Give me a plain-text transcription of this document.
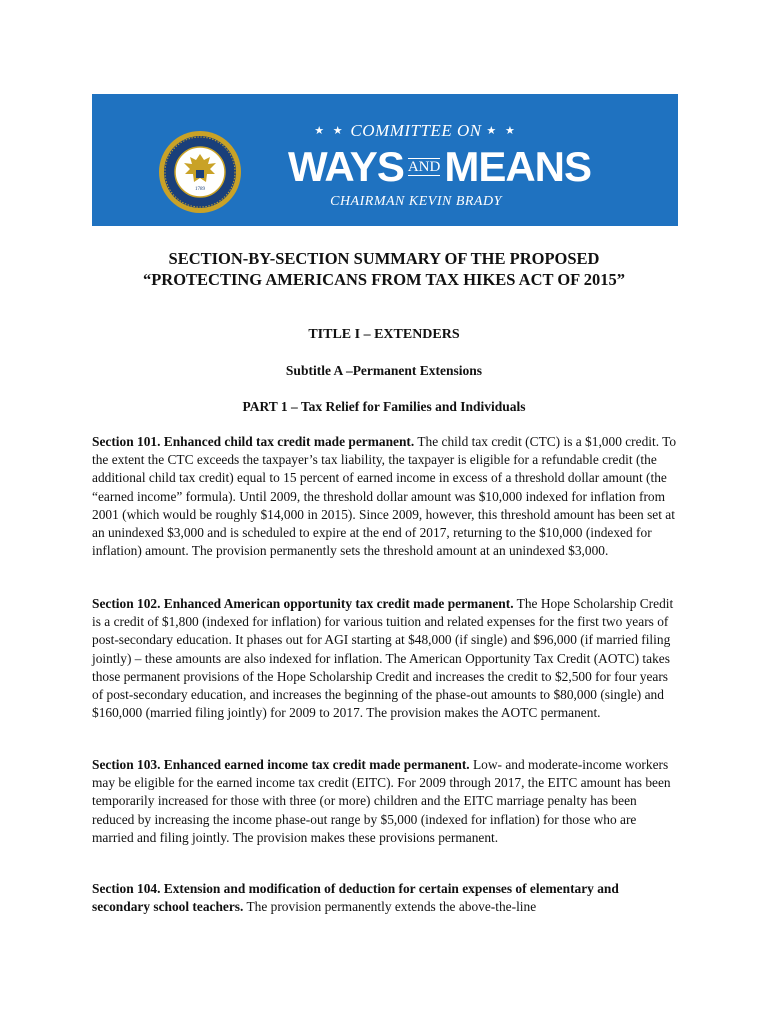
1789
★ ★ COMMITTEE ON ★ ★
WAYS ANDMEANS
CHAIRMAN KEVIN BRADY
SECTION-BY-SECTION SUMMARY OF THE PROPOSED
“PROTECTING AMERICANS FROM TAX HIKES ACT OF 2015”
TITLE I – EXTENDERS
Subtitle A –Permanent Extensions
PART 1 – Tax Relief for Families and Individuals
Section 101. Enhanced child tax credit made permanent. The child tax credit (CTC) is a $1,000 credit. To the extent the CTC exceeds the taxpayer’s tax liability, the taxpayer is eligible for a refundable credit (the additional child tax credit) equal to 15 percent of earned income in excess of a threshold dollar amount (the “earned income” formula). Until 2009, the threshold dollar amount was $10,000 indexed for inflation from 2001 (which would be roughly $14,000 in 2015). Since 2009, however, this threshold amount has been set at an unindexed $3,000 and is scheduled to expire at the end of 2017, returning to the $10,000 (indexed for inflation) amount. The provision permanently sets the threshold amount at an unindexed $3,000.
Section 102. Enhanced American opportunity tax credit made permanent. The Hope Scholarship Credit is a credit of $1,800 (indexed for inflation) for various tuition and related expenses for the first two years of post-secondary education. It phases out for AGI starting at $48,000 (if single) and $96,000 (if married filing jointly) – these amounts are also indexed for inflation. The American Opportunity Tax Credit (AOTC) takes those permanent provisions of the Hope Scholarship Credit and increases the credit to $2,500 for four years of post-secondary education, and increases the beginning of the phase-out amounts to $80,000 (single) and $160,000 (married filing jointly) for 2009 to 2017. The provision makes the AOTC permanent.
Section 103. Enhanced earned income tax credit made permanent. Low- and moderate-income workers may be eligible for the earned income tax credit (EITC). For 2009 through 2017, the EITC amount has been temporarily increased for those with three (or more) children and the EITC marriage penalty has been reduced by increasing the income phase-out range by $5,000 (indexed for inflation) for those who are married and filing jointly. The provision makes these provisions permanent.
Section 104. Extension and modification of deduction for certain expenses of elementary and secondary school teachers. The provision permanently extends the above-the-line
